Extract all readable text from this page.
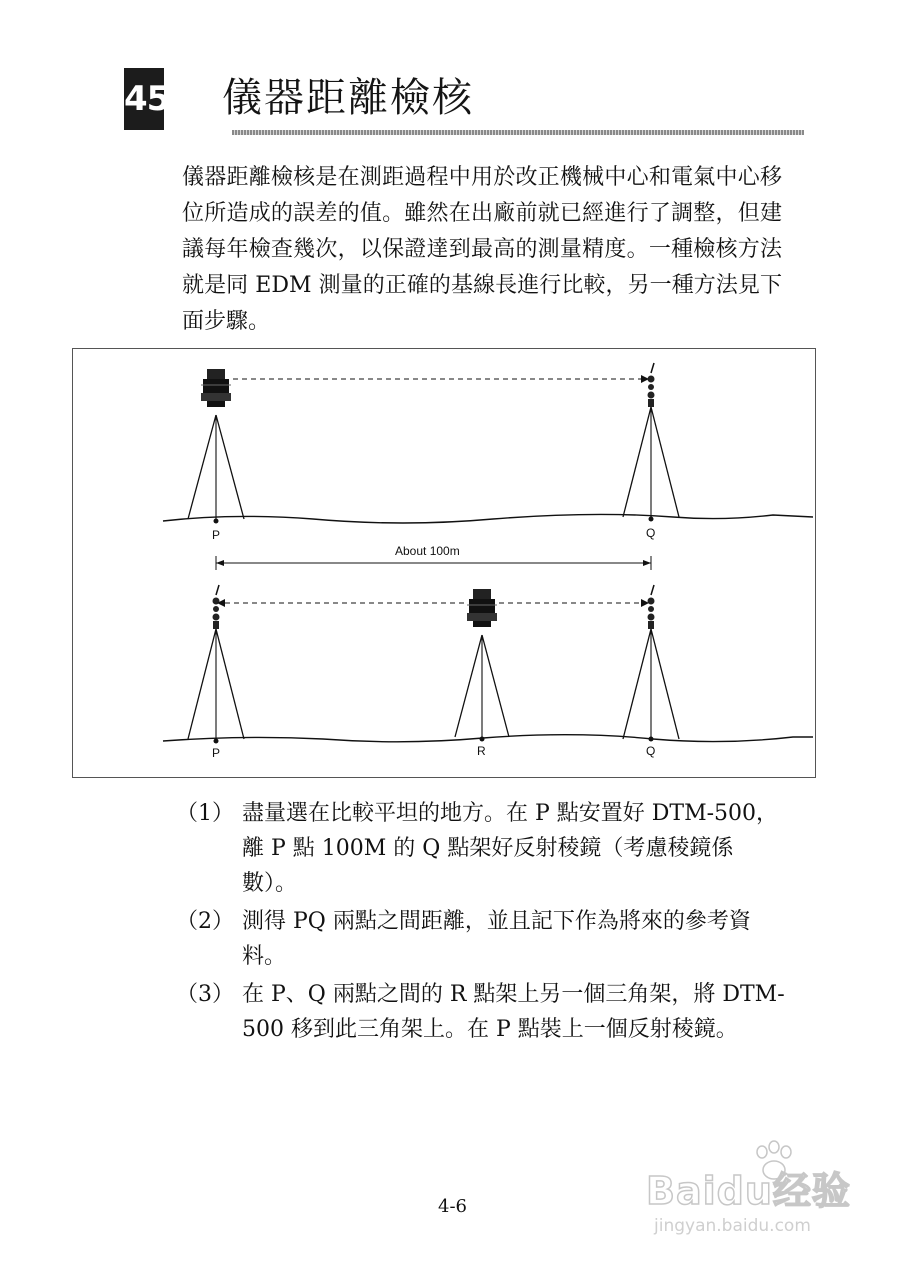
45 儀器距離檢核

儀器距離檢核是在測距過程中用於改正機械中心和電氣中心移位所造成的誤差的值。雖然在出廠前就已經進行了調整，但建議每年檢查幾次，以保證達到最高的測量精度。一種檢核方法就是同 EDM 測量的正確的基線長進行比較，另一種方法見下面步驟。

P	Q
About 100m
P	R	Q
（1） 盡量選在比較平坦的地方。在 P 點安置好 DTM-500，離 P 點 100M 的 Q 點架好反射稜鏡（考慮稜鏡係數）。
（2） 測得 PQ 兩點之間距離，並且記下作為將來的參考資料。
（3） 在 P、Q 兩點之間的 R 點架上另一個三角架，將 DTM-500 移到此三角架上。在 P 點裝上一個反射稜鏡。
4-6	Baidu经验
jingyan.baidu.com
